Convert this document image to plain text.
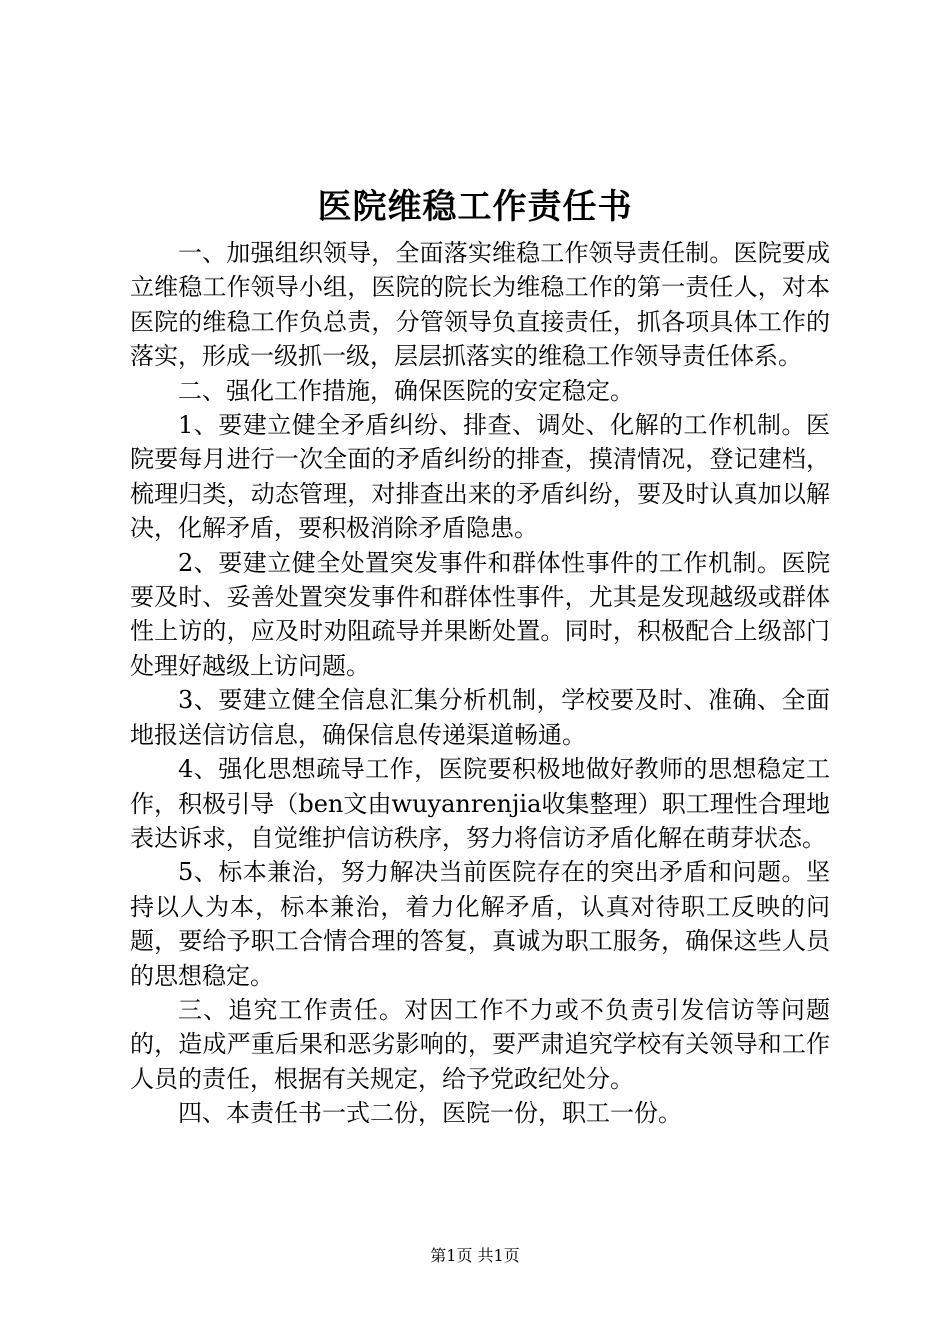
医院维稳工作责任书

一、加强组织领导，全面落实维稳工作领导责任制。医院要成立维稳工作领导小组，医院的院长为维稳工作的第一责任人，对本医院的维稳工作负总责，分管领导负直接责任，抓各项具体工作的落实，形成一级抓一级，层层抓落实的维稳工作领导责任体系。

二、强化工作措施，确保医院的安定稳定。

1、要建立健全矛盾纠纷、排查、调处、化解的工作机制。医院要每月进行一次全面的矛盾纠纷的排查，摸清情况，登记建档，梳理归类，动态管理，对排查出来的矛盾纠纷，要及时认真加以解决，化解矛盾，要积极消除矛盾隐患。

2、要建立健全处置突发事件和群体性事件的工作机制。医院要及时、妥善处置突发事件和群体性事件，尤其是发现越级或群体性上访的，应及时劝阻疏导并果断处置。同时，积极配合上级部门处理好越级上访问题。

3、要建立健全信息汇集分析机制，学校要及时、准确、全面地报送信访信息，确保信息传递渠道畅通。

4、强化思想疏导工作，医院要积极地做好教师的思想稳定工作，积极引导（ben文由wuyanrenjia收集整理）职工理性合理地表达诉求，自觉维护信访秩序，努力将信访矛盾化解在萌芽状态。

5、标本兼治，努力解决当前医院存在的突出矛盾和问题。坚持以人为本，标本兼治，着力化解矛盾，认真对待职工反映的问题，要给予职工合情合理的答复，真诚为职工服务，确保这些人员的思想稳定。

三、追究工作责任。对因工作不力或不负责引发信访等问题的，造成严重后果和恶劣影响的，要严肃追究学校有关领导和工作人员的责任，根据有关规定，给予党政纪处分。

四、本责任书一式二份，医院一份，职工一份。

第1页 共1页
